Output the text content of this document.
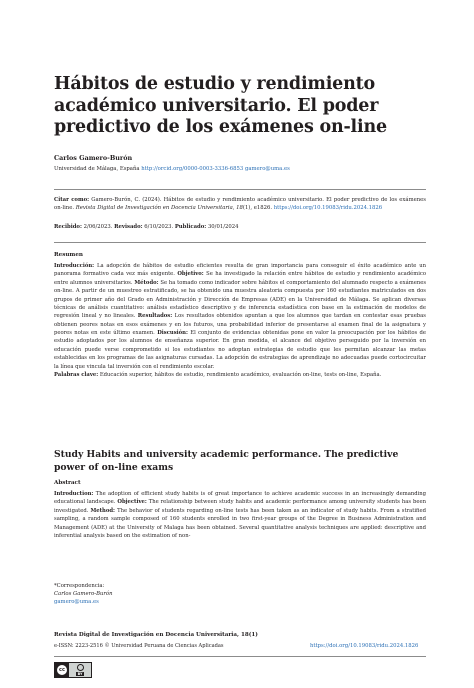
Hábitos de estudio y rendimiento académico universitario. El poder predictivo de los exámenes on-line
Carlos Gamero-Burón
Universidad de Málaga, España http://orcid.org/0000-0003-3336-6853 gamero@uma.es
Citar como: Gamero-Burón, C. (2024). Hábitos de estudio y rendimiento académico universitario. El poder predictivo de los exámenes on-line. Revista Digital de Investigación en Docencia Universitaria, 18(1), e1826. https://doi.org/10.19083/ridu.2024.1826
Recibido: 2/06/2023. Revisado: 6/10/2023. Publicado: 30/01/2024
Resumen

Introducción: La adopción de hábitos de estudio eficientes resulta de gran importancia para conseguir el éxito académico ante un panorama formativo cada vez más exigente. Objetivo: Se ha investigado la relación entre hábitos de estudio y rendimiento académico entre alumnos universitarios. Método: Se ha tomado como indicador sobre hábitos el comportamiento del alumnado respecto a exámenes on-line. A partir de un muestreo estratificado, se ha obtenido una muestra aleatoria compuesta por 160 estudiantes matriculados en dos grupos de primer año del Grado en Administración y Dirección de Empresas (ADE) en la Universidad de Málaga. Se aplican diversas técnicas de análisis cuantitativo: análisis estadístico descriptivo y de inferencia estadística con base en la estimación de modelos de regresión lineal y no lineales. Resultados: Los resultados obtenidos apuntan a que los alumnos que tardan en contestar esas pruebas obtienen peores notas en esos exámenes y en los futuros, una probabilidad inferior de presentarse al examen final de la asignatura y peores notas en este último examen. Discusión: El conjunto de evidencias obtenidas pone en valor la preocupación por los hábitos de estudio adoptados por los alumnos de enseñanza superior. En gran medida, el alcance del objetivo perseguido por la inversión en educación puede verse comprometido si los estudiantes no adoptan estrategias de estudio que les permitan alcanzar las metas establecidas en los programas de las asignaturas cursadas. La adopción de estrategias de aprendizaje no adecuadas puede cortocircuitar la línea que vincula tal inversión con el rendimiento escolar.

Palabras clave: Educación superior, hábitos de estudio, rendimiento académico, evaluación on-line, tests on-line, España.

Study Habits and university academic performance. The predictive power of on-line exams
Abstract

Introduction: The adoption of efficient study habits is of great importance to achieve academic success in an increasingly demanding educational landscape. Objective: The relationship between study habits and academic performance among university students has been investigated. Method: The behavior of students regarding on-line tests has been taken as an indicator of study habits. From a stratified sampling, a random sample composed of 160 students enrolled in two first-year groups of the Degree in Business Administration and Management (ADE) at the University of Malaga has been obtained. Several quantitative analysis techniques are applied: descriptive and inferential analysis based on the estimation of non-

*Correspondencia:
Carlos Gamero-Burón
gamero@uma.es
Revista Digital de Investigación en Docencia Universitaria, 18(1)
e-ISSN: 2223-2516 © Universidad Peruana de Ciencias Aplicadas	https://doi.org/10.19083/ridu.2024.1826
cc
BY
